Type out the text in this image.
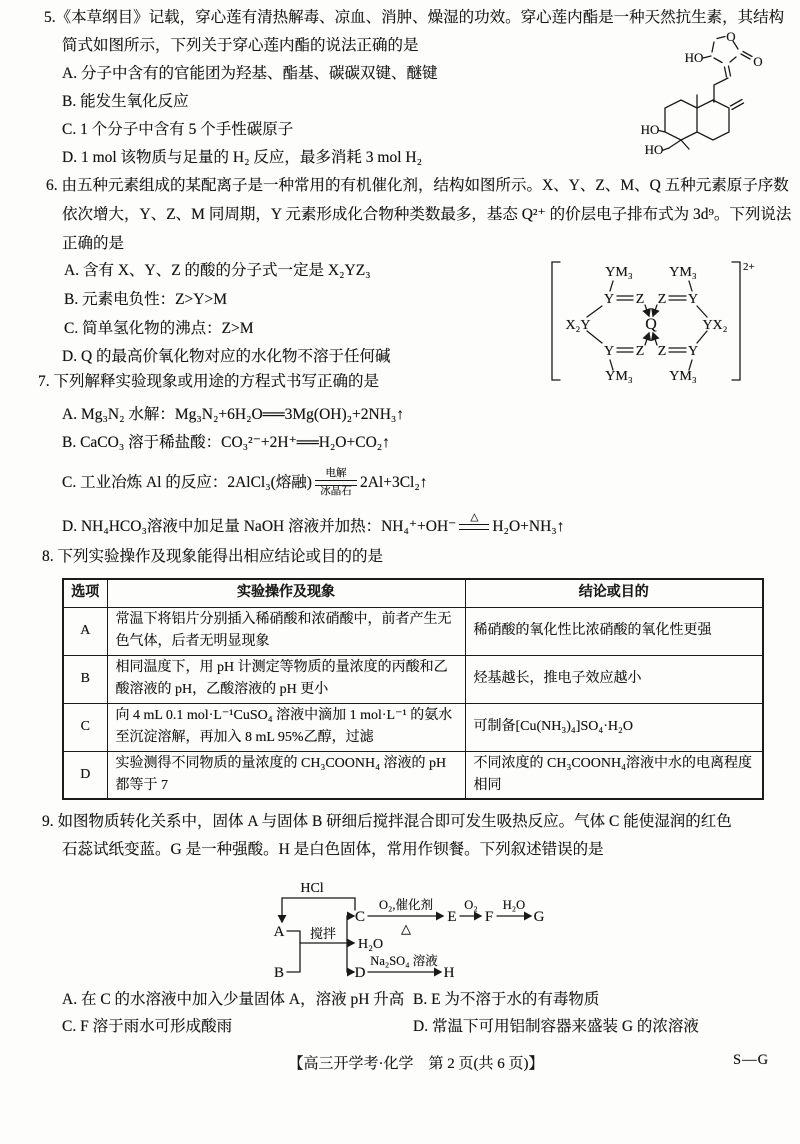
5.《本草纲目》记载，穿心莲有清热解毒、凉血、消肿、燥湿的功效。穿心莲内酯是一种天然抗生素，其结构
简式如图所示，下列关于穿心莲内酯的说法正确的是
A. 分子中含有的官能团为羟基、酯基、碳碳双键、醚键
B. 能发生氧化反应
C. 1 个分子中含有 5 个手性碳原子
D. 1 mol 该物质与足量的 H₂ 反应，最多消耗 3 mol H₂
O
O
HO
HO
HO
6. 由五种元素组成的某配离子是一种常用的有机催化剂，结构如图所示。X、Y、Z、M、Q 五种元素原子序数
依次增大，Y、Z、M 同周期，Y 元素形成化合物种类数最多，基态 Q²⁺ 的价层电子排布式为 3d⁹。下列说法
正确的是
A. 含有 X、Y、Z 的酸的分子式一定是 X₂YZ₃
B. 元素电负性：Z>Y>M
C. 简单氢化物的沸点：Z>M
D. Q 的最高价氧化物对应的水化物不溶于任何碱
2+
Q
X₂Y	YX₂
YM₃
Y Z
Y Z
YM₃
YM₃
Z Y
Z Y
YM₃
7. 下列解释实验现象或用途的方程式书写正确的是
A. Mg₃N₂ 水解：Mg₃N₂+6H₂O══3Mg(OH)₂+2NH₃↑
B. CaCO₃ 溶于稀盐酸：CO₃²⁻+2H⁺══H₂O+CO₂↑
C. 工业冶炼 Al 的反应：2AlCl₃(熔融)
电解
冰晶石
2Al+3Cl₂↑
D. NH₄HCO₃溶液中加足量 NaOH 溶液并加热：NH₄⁺+OH⁻
△
H₂O+NH₃↑
8. 下列实验操作及现象能得出相应结论或目的的是
选项	实验操作及现象	结论或目的
A	常温下将铝片分别插入稀硝酸和浓硝酸中，前者产生无色气体，后者无明显现象	稀硝酸的氧化性比浓硝酸的氧化性更强
B	相同温度下，用 pH 计测定等物质的量浓度的丙酸和乙酸溶液的 pH，乙酸溶液的 pH 更小	烃基越长，推电子效应越小
C	向 4 mL 0.1 mol·L⁻¹CuSO₄ 溶液中滴加 1 mol·L⁻¹ 的氨水至沉淀溶解，再加入 8 mL 95%乙醇，过滤	可制备[Cu(NH₃)₄]SO₄·H₂O
D	实验测得不同物质的量浓度的 CH₃COONH₄ 溶液的 pH 都等于 7	不同浓度的 CH₃COONH₄溶液中水的电离程度相同
9. 如图物质转化关系中，固体 A 与固体 B 研细后搅拌混合即可发生吸热反应。气体 C 能使湿润的红色
石蕊试纸变蓝。G 是一种强酸。H 是白色固体，常用作钡餐。下列叙述错误的是
HCl
A
B
搅拌
C
H₂O
D
O₂,催化剂
△
E
O₂
F
H₂O
G
Na₂SO₄ 溶液
H
A. 在 C 的水溶液中加入少量固体 A，溶液 pH 升高 B. E 为不溶于水的有毒物质
C. F 溶于雨水可形成酸雨	D. 常温下可用铝制容器来盛装 G 的浓溶液
【高三开学考·化学　第 2 页(共 6 页)】	S—G
